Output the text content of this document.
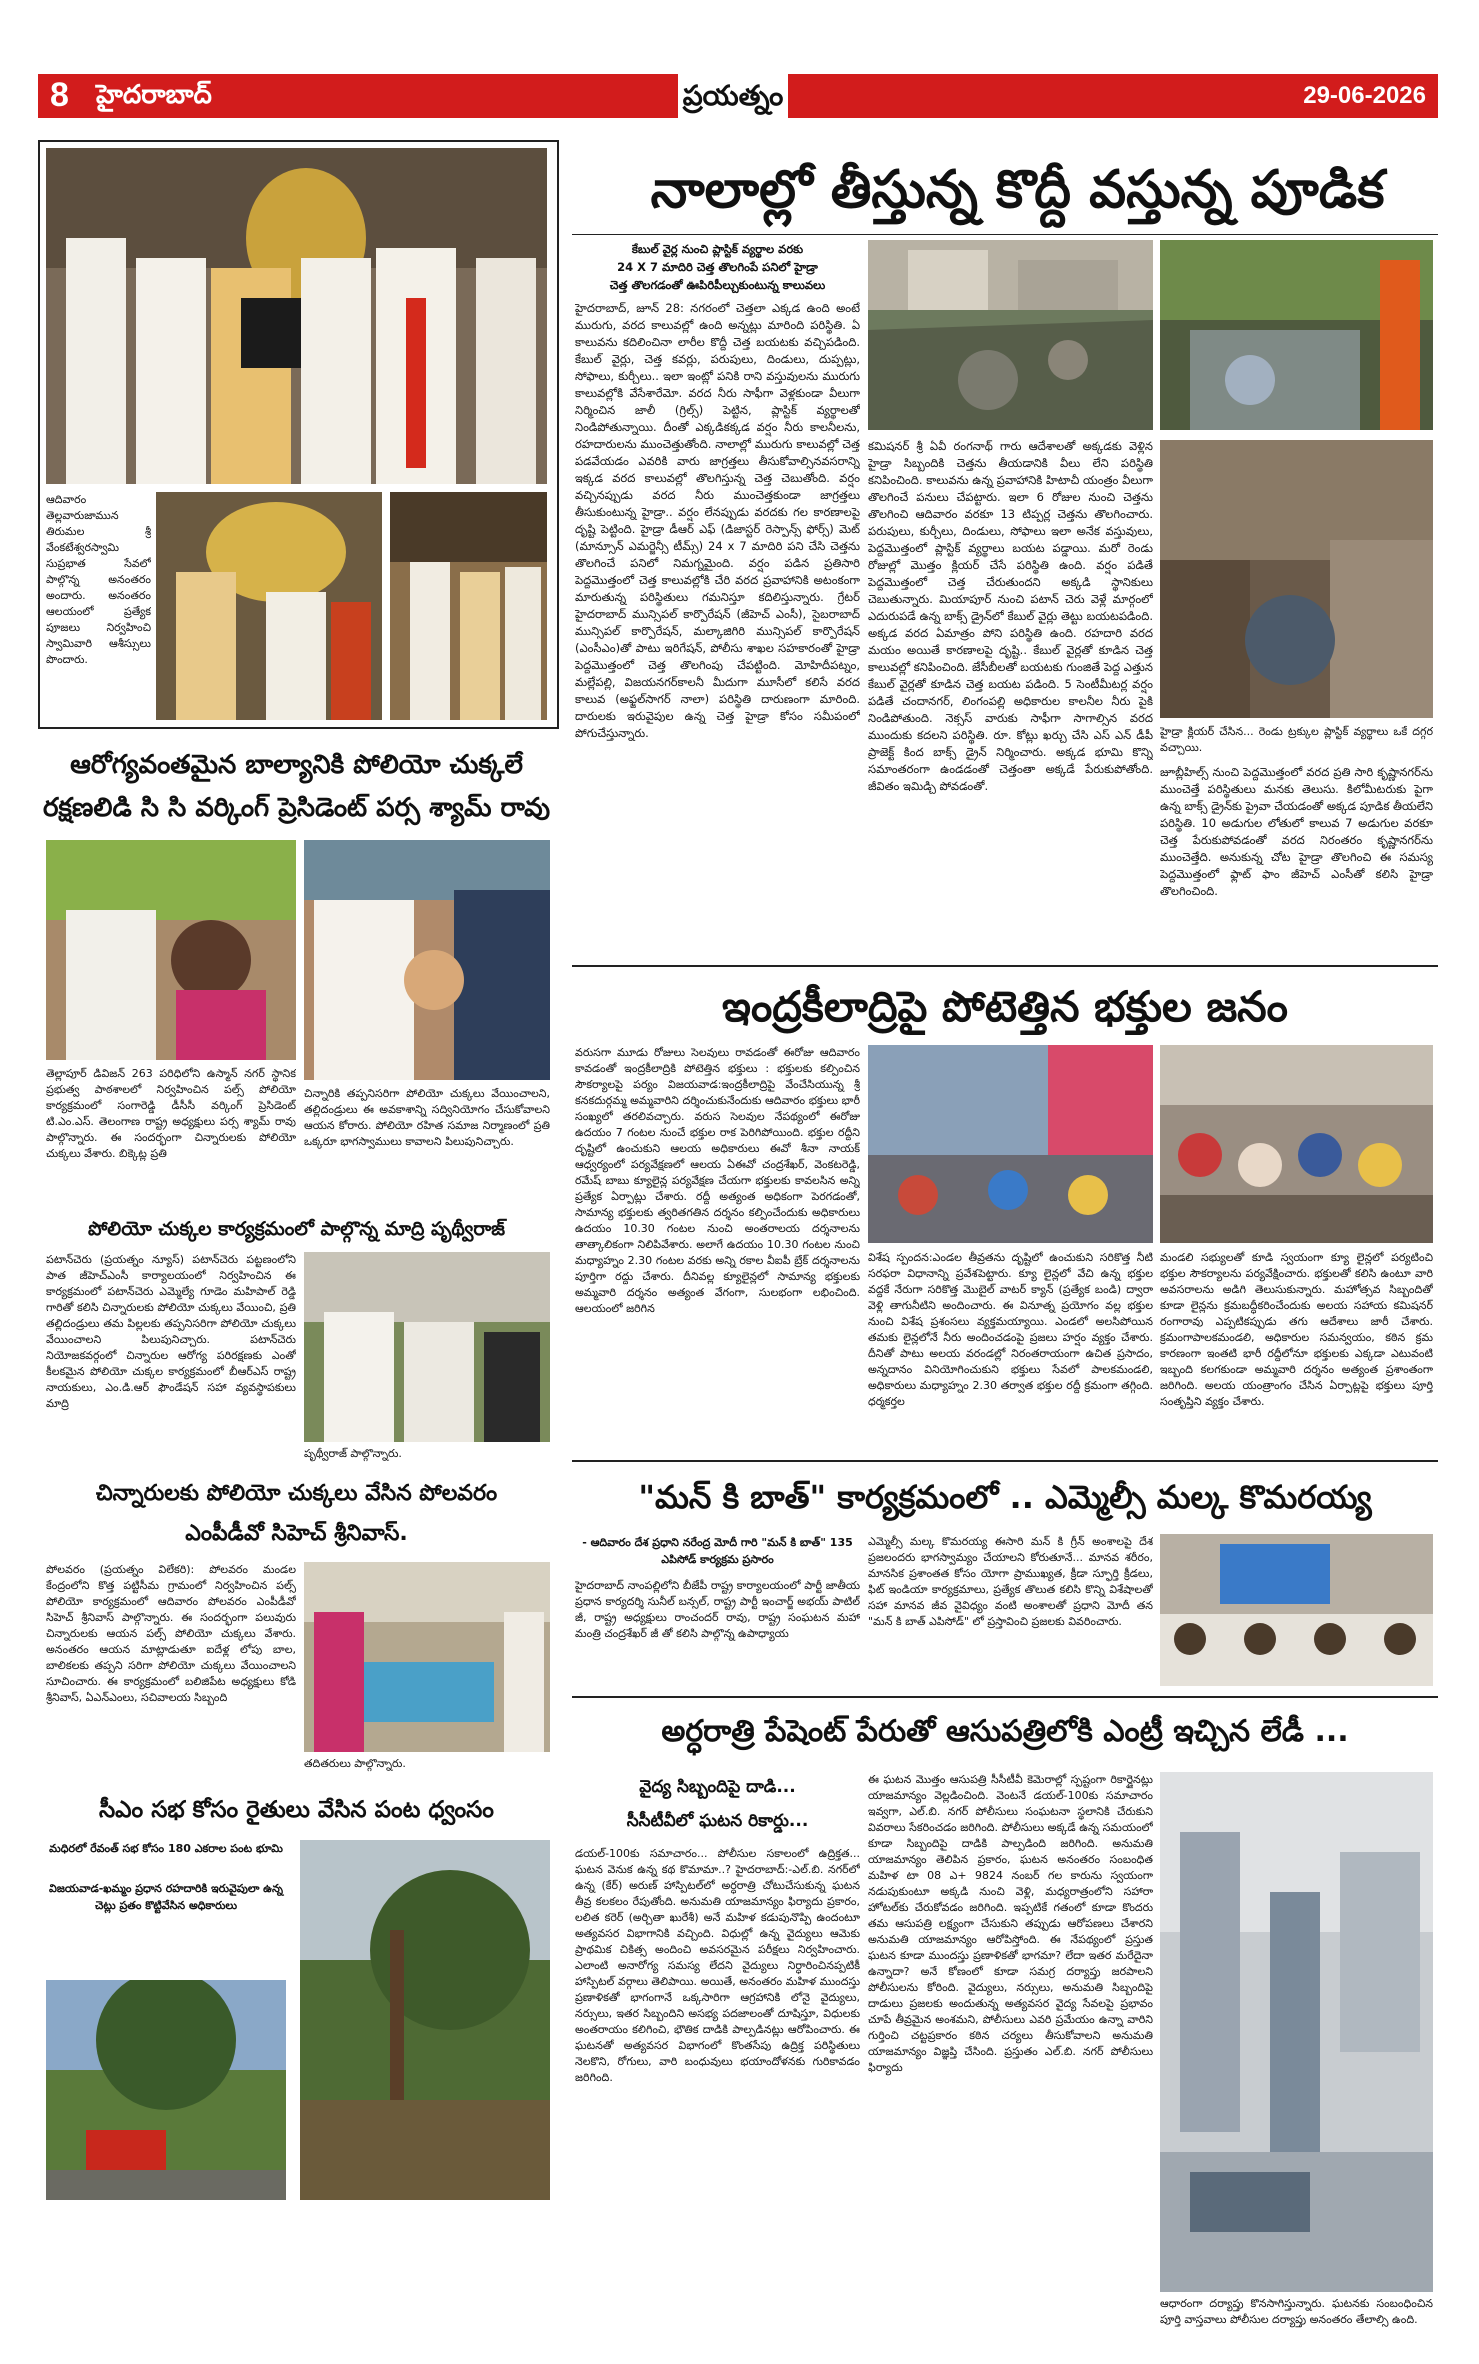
8 హైదరాబాద్	ప్రయత్నం	29-06-2026
ఆదివారం తెల్లవారుజామున తిరుమల శ్రీ వేంకటేశ్వరస్వామి సుప్రభాత సేవలో పాల్గొన్న అనంతరం అందారు. అనంతరం ఆలయంలో ప్రత్యేక పూజలు నిర్వహించి స్వామివారి ఆశీస్సులు పొందారు.
నాలాల్లో తీస్తున్న కొద్దీ వస్తున్న పూడిక
కేబుల్ వైర్ల నుంచి ప్లాస్టిక్ వ్యర్థాల వరకు
24 X 7 మాదిరి చెత్త తొలగింపే పనిలో హైడ్రా
చెత్త తొలగడంతో ఊపిరిపీల్చుకుంటున్న కాలువలు
హైదరాబాద్, జూన్ 28: నగరంలో చెత్తలా ఎక్కడ ఉంది అంటే మురుగు, వరద కాలువల్లో ఉంది అన్నట్లు మారింది పరిస్థితి. ఏ కాలువను కదిలించినా లారీల కొద్దీ చెత్త బయటకు వచ్చిపడింది. కేబుల్ వైర్లు, చెత్త కవర్లు, పరుపులు, దిండులు, దుప్పట్లు, సోఫాలు, కుర్చీలు.. ఇలా ఇంట్లో పనికి రాని వస్తువులను మురుగు కాలువల్లోకి వేసేశారేమో. వరద నీరు సాఫీగా వెళ్లకుండా వీలుగా నిర్మించిన జాలీ (గ్రిల్స్) పెట్టిన, ప్లాస్టిక్ వ్యర్థాలతో నిండిపోతున్నాయి. దీంతో ఎక్కడికక్కడ వర్షం నీరు కాలనీలను, రహదారులను ముంచెత్తుతోంది. నాలాల్లో మురుగు కాలువల్లో చెత్త పడవేయడం ఎవరికి వారు జాగ్రత్తలు తీసుకోవాల్సినవసరాన్ని ఇక్కడ వరద కాలువల్లో తొలగిస్తున్న చెత్త చెబుతోంది. వర్షం వచ్చినప్పుడు వరద నీరు ముంచెత్తకుండా జాగ్రత్తలు తీసుకుంటున్న హైడ్రా.. వర్షం లేనప్పుడు వరదకు గల కారణాలపై దృష్టి పెట్టింది. హైడ్రా డీఆర్ ఎఫ్ (డిజాస్టర్ రెస్పాన్స్ ఫోర్స్) మెట్ (మాన్సూన్ ఎమర్జెన్సీ టీమ్స్) 24 x 7 మాదిరి పని చేసి చెత్తను తొలగించే పనిలో నిమగ్నమైంది. వర్షం పడిన ప్రతిసారి పెద్దమొత్తంలో చెత్త కాలువల్లోకి చేరి వరద ప్రవాహానికి అటంకంగా మారుతున్న పరిస్థితులు గమనిస్తూ కదిలిస్తున్నారు. గ్రేటర్ హైదరాబాద్ మున్సిపల్ కార్పొరేషన్ (జీహెచ్ ఎంసీ), సైబరాబాద్ మున్సిపల్ కార్పొరేషన్, మల్కాజిగిరి మున్సిపల్ కార్పొరేషన్ (ఎంసీఎం)తో పాటు ఇరిగేషన్, పోలీసు శాఖల సహకారంతో హైడ్రా పెద్దమొత్తంలో చెత్త తొలగింపు చేపట్టింది. మోహిదీపట్నం, మల్లేపల్లి, విజయనగర్‌కాలనీ మీదుగా మూసీలో కలిసే వరద కాలువ (అఫ్జల్‌సాగర్ నాలా) పరిస్థితి దారుణంగా మారింది. దారులకు ఇరువైపుల ఉన్న చెత్త హైడ్రా కోసం సమీపంలో పోగుచేస్తున్నారు.
కమిషనర్ శ్రీ ఏవీ రంగనాథ్ గారు ఆదేశాలతో అక్కడకు వెళ్లిన హైడ్రా సిబ్బందికి చెత్తను తీయడానికి వీలు లేని పరిస్థితి కనిపించింది. కాలువను ఉన్న ప్రవాహానికి హిటాచీ యంత్రం వీలుగా తొలగించే పనులు చేపట్టారు. ఇలా 6 రోజుల నుంచి చెత్తను తొలగించి ఆదివారం వరకూ 13 టిప్పర్ల చెత్తను తొలగించారు. పరుపులు, కుర్చీలు, దిండులు, సోఫాలు ఇలా అనేక వస్తువులు, పెద్దమొత్తంలో ప్లాస్టిక్ వ్యర్థాలు బయట పడ్డాయి. మరో రెండు రోజుల్లో మొత్తం క్లియర్ చేసే పరిస్థితి ఉంది. వర్షం పడితే పెద్దమొత్తంలో చెత్త చేరుతుందని అక్కడి స్థానికులు చెబుతున్నారు. మియాపూర్ నుంచి పటాన్ చెరు వెళ్లే మార్గంలో ఎదురుపడే ఉన్న బాక్స్ డ్రైన్‌లో కేబుల్ వైర్లు తెట్టు బయటపడింది. అక్కడ వరద ఏమాత్రం పోని పరిస్థితి ఉంది. రహదారి వరద మయం అయితే కారణాలపై దృష్టి.. కేబుల్ వైర్లతో కూడిన చెత్త కాలువల్లో కనిపించింది. జేసీబీలతో బయటకు గుంజితే పెద్ద ఎత్తున కేబుల్ వైర్లతో కూడిన చెత్త బయట పడింది. 5 సెంటీమీటర్ల వర్షం పడితే చందానగర్, లింగంపల్లి అధికారుల కాలనీల నీరు పైకి నిండిపోతుంది. నెక్సస్ వారుకు సాఫీగా సాగాల్సిన వరద ముందుకు కదలని పరిస్థితి. రూ. కోట్లు ఖర్చు చేసి ఎస్ ఎన్ డీపీ ప్రాజెక్ట్ కింద బాక్స్ డ్రైన్ నిర్మించారు. అక్కడ భూమి కొన్ని సమాంతరంగా ఉండడంతో చెత్తంతా అక్కడే పేరుకుపోతోంది. జీవితం ఇమిడ్చి పోవడంతో.
హైడ్రా క్లియర్ చేసిన... రెండు ట్రక్కుల ప్లాస్టిక్ వ్యర్థాలు ఒకే దగ్గర వచ్చాయి.
జూబ్లీహిల్స్ నుంచి పెద్దమొత్తంలో వరద ప్రతి సారి కృష్ణానగర్‌ను ముంచెత్తే పరిస్థితులు మనకు తెలుసు. కిలోమీటరుకు పైగా ఉన్న బాక్స్ డ్రైన్‌కు ప్రైవా చేయడంతో అక్కడ పూడిక తీయలేని పరిస్థితి. 10 అడుగుల లోతులో కాలువ 7 అడుగుల వరకూ చెత్త పేరుకుపోవడంతో వరద నిరంతరం కృష్ణానగర్‌ను ముంచెత్తేది. అనుకున్న చోట హైడ్రా తొలగించి ఈ సమస్య పెద్దమొత్తంలో ఫ్లాట్ ఫాం జీహెచ్ ఎంసీతో కలిసి హైడ్రా తొలగించింది.
ఆరోగ్యవంతమైన బాల్యానికి పోలియో చుక్కలే
రక్షణలిడి సి సి వర్కింగ్ ప్రెసిడెంట్ పర్స శ్యామ్ రావు
తెల్లాపూర్ డివిజన్ 263 పరిధిలోని ఉస్మాన్ నగర్ స్థానిక ప్రభుత్వ పాఠశాలలో నిర్వహించిన పల్స్ పోలియో కార్యక్రమంలో సంగారెడ్డి డీసీసీ వర్కింగ్ ప్రెసిడెంట్ టి.ఎం.ఎస్. తెలంగాణ రాష్ట్ర అధ్యక్షులు పర్స శ్యామ్ రావు పాల్గొన్నారు. ఈ సందర్భంగా చిన్నారులకు పోలియో చుక్కలు వేశారు. బిక్కెట్ల ప్రతి
చిన్నారికి తప్పనిసరిగా పోలియో చుక్కలు వేయించాలని, తల్లిదండ్రులు ఈ అవకాశాన్ని సద్వినియోగం చేసుకోవాలని ఆయన కోరారు. పోలియో రహిత సమాజ నిర్మాణంలో ప్రతి ఒక్కరూ భాగస్వాములు కావాలని పిలుపునిచ్చారు.
పోలియో చుక్కల కార్యక్రమంలో పాల్గొన్న మాద్రి పృథ్వీరాజ్
పటాన్‌చెరు (ప్రయత్నం న్యూస్) పటాన్‌చెరు పట్టణంలోని పాత జీహెచ్‌ఎంసీ కార్యాలయంలో నిర్వహించిన ఈ కార్యక్రమంలో పటాన్‌చెరు ఎమ్మెల్యే గూడెం మహిపాల్ రెడ్డి గారితో కలిసి చిన్నారులకు పోలియో చుక్కలు వేయించి, ప్రతి తల్లిదండ్రులు తమ పిల్లలకు తప్పనిసరిగా పోలియో చుక్కలు వేయించాలని పిలుపునిచ్చారు. పటాన్‌చెరు నియోజకవర్గంలో చిన్నారుల ఆరోగ్య పరిరక్షణకు ఎంతో కీలకమైన పోలియో చుక్కల కార్యక్రమంలో బీఆర్‌ఎస్ రాష్ట్ర నాయకులు, ఎం.డి.ఆర్ ఫౌండేషన్ సహా వ్యవస్థాపకులు మాద్రి
పృథ్వీరాజ్ పాల్గొన్నారు.
చిన్నారులకు పోలియో చుక్కలు వేసిన పోలవరం
ఎంపీడీవో సిహెచ్ శ్రీనివాస్.
పోలవరం (ప్రయత్నం విలేకరి): పోలవరం మండల కేంద్రంలోని కొత్త పట్టిసీమ గ్రామంలో నిర్వహించిన పల్స్ పోలియో కార్యక్రమంలో ఆదివారం పోలవరం ఎంపీడీవో సిహెచ్ శ్రీనివాస్ పాల్గొన్నారు. ఈ సందర్భంగా పలువురు చిన్నారులకు ఆయన పల్స్ పోలియో చుక్కలు వేశారు. అనంతరం ఆయన మాట్లాడుతూ ఐదేళ్ల లోపు బాల, బాలికలకు తప్పని సరిగా పోలియో చుక్కలు వేయించాలని సూచించారు. ఈ కార్యక్రమంలో బలిజిపేట అధ్యక్షులు కోడి శ్రీనివాస్, ఏఎన్‌ఎంలు, సచివాలయ సిబ్బంది
తదితరులు పాల్గొన్నారు.
సీఎం సభ కోసం రైతులు వేసిన పంట ధ్వంసం
మధిరలో రేవంత్ సభ కోసం 180 ఎకరాల పంట భూమి
విజయవాడ-ఖమ్మం ప్రధాన రహదారికి ఇరువైపులా ఉన్న చెట్లు ప్రతం కొట్టివేసిన అధికారులు
ఇంద్రకీలాద్రిపై పోటెత్తిన భక్తుల జనం
వరుసగా మూడు రోజులు సెలవులు రావడంతో ఈరోజు ఆదివారం కావడంతో ఇంద్రకీలాద్రికి పోటెత్తిన భక్తులు : భక్తులకు కల్పించిన సౌకర్యాలపై పర్యం విజయవాడ:ఇంద్రకీలాద్రిపై వేంచేసియున్న శ్రీ కనకదుర్గమ్మ అమ్మవారిని దర్శించుకునేందుకు ఆదివారం భక్తులు భారీ సంఖ్యలో తరలివచ్చారు. వరుస సెలవుల నేపథ్యంలో ఈరోజు ఉదయం 7 గంటల నుంచే భక్తుల రాక పెరిగిపోయింది. భక్తుల రద్దీని దృష్టిలో ఉంచుకుని ఆలయ అధికారులు ఈవో శీనా నాయక్ ఆధ్వర్యంలో పర్యవేక్షణలో ఆలయ ఏఈవో చంద్రశేఖర్, వెంకటరెడ్డి, రమేష్ బాబు క్యూలైన్ల పర్యవేక్షణ చేయగా భక్తులకు కావలసిన అన్ని ప్రత్యేక ఏర్పాట్లు చేశారు. రద్దీ అత్యంత అధికంగా పెరగడంతో, సామాన్య భక్తులకు త్వరితగతిన దర్శనం కల్పించేందుకు అధికారులు ఉదయం 10.30 గంటల నుంచి అంతరాలయ దర్శనాలను తాత్కాలికంగా నిలిపివేశారు. అలాగే ఉదయం 10.30 గంటల నుంచి మధ్యాహ్నం 2.30 గంటల వరకు అన్ని రకాల వీఐపీ బ్రేక్ దర్శనాలను పూర్తిగా రద్దు చేశారు. దీనివల్ల క్యూలైన్లలో సామాన్య భక్తులకు అమ్మవారి దర్శనం అత్యంత వేగంగా, సులభంగా లభించింది. ఆలయంలో జరిగిన
విశేష స్పందన:ఎండల తీవ్రతను దృష్టిలో ఉంచుకుని సరికొత్త నీటి సరఫరా విధానాన్ని ప్రవేశపెట్టారు. క్యూ లైన్లలో వేచి ఉన్న భక్తుల వద్దకే నేరుగా సరికొత్త మొబైల్ వాటర్ క్యాన్ (ప్రత్యేక బండి) ద్వారా వెళ్లి తాగునీటిని అందించారు. ఈ వినూత్న ప్రయోగం వల్ల భక్తుల నుంచి విశేష ప్రశంసలు వ్యక్తమయ్యాయి. ఎండలో అలసిపోయిన తమకు లైన్లలోనే నీరు అందించడంపై ప్రజలు హర్షం వ్యక్తం చేశారు. దీనితో పాటు అలయ వరండల్లో నిరంతరాయంగా ఉచిత ప్రసాదం, అన్నదానం వినియోగించుకుని భక్తులు సేవలో పాలకమండలి, అధికారులు మధ్యాహ్నం 2.30 తర్వాత భక్తుల రద్దీ క్రమంగా తగ్గింది. ధర్మకర్తల
మండలి సభ్యులతో కూడి స్వయంగా క్యూ లైన్లలో పర్యటించి భక్తుల సౌకర్యాలను పర్యవేక్షించారు. భక్తులతో కలిసి ఉంటూ వారి అవసరాలను అడిగి తెలుసుకున్నారు. మహోత్సవ సిబ్బందితో కూడా లైన్లను క్రమబద్ధీకరించేందుకు అలయ సహాయ కమిషనర్ రంగారావు ఎప్పటికప్పుడు తగు ఆదేశాలు జారీ చేశారు. క్రమంగాపాలకమండలి, అధికారుల సమన్వయం, కఠిన క్రమ కారణంగా ఇంతటి భారీ రద్దీలోనూ భక్తులకు ఎక్కడా ఎటువంటి ఇబ్బంది కలగకుండా అమ్మవారి దర్శనం అత్యంత ప్రశాంతంగా జరిగింది. అలయ యంత్రాంగం చేసిన ఏర్పాట్లపై భక్తులు పూర్తి సంతృప్తిని వ్యక్తం చేశారు.
"మన్ కి బాత్" కార్యక్రమంలో .. ఎమ్మెల్సీ మల్క కొమరయ్య
- ఆదివారం దేశ ప్రధాని నరేంద్ర మోదీ గారి "మన్ కి బాత్" 135 ఎపిసోడ్ కార్యక్రమ ప్రసారం
హైదరాబాద్ నాంపల్లిలోని బీజేపీ రాష్ట్ర కార్యాలయంలో పార్టీ జాతీయ ప్రధాన కార్యదర్శి సునీల్ బన్సల్, రాష్ట్ర పార్టీ ఇంచార్జ్ అభయ్ పాటిల్ జీ, రాష్ట్ర అధ్యక్షులు రాంచందర్ రావు, రాష్ట్ర సంఘటన మహా మంత్రి చంద్రశేఖర్ జీ తో కలిసి పాల్గొన్న ఉపాధ్యాయ
ఎమ్మెల్సీ మల్క కొమరయ్య ఈసారి మన్ కి గ్రీన్ అంశాలపై దేశ ప్రజలందరు భాగస్వామ్యం చేయాలని కోరుతూనే... మానవ శరీరం, మానసిక ప్రశాంతత కోసం యోగా ప్రాముఖ్యత, క్రీడా స్ఫూర్తి క్రీడలు, ఫిట్ ఇండియా కార్యక్రమాలు, ప్రత్యేక తొలుత కలిసి కొన్ని విశేషాలతో సహా మానవ జీవ వైవిధ్యం వంటి అంశాలతో ప్రధాని మోదీ తన "మన్ కి బాత్ ఎపిసోడ్" లో ప్రస్తావించి ప్రజలకు వివరించారు.
అర్ధరాత్రి పేషెంట్ పేరుతో ఆసుపత్రిలోకి ఎంట్రీ ఇచ్చిన లేడీ ...
వైద్య సిబ్బందిపై దాడి...
సీసీటీవీలో ఘటన రికార్డు...
డయల్-100కు సమాచారం... పోలీసుల సకాలంలో ఉద్రిక్తత... ఘటన వెనుక ఉన్న కథ కొమామా..? హైదరాబాద్:-ఎల్.బి. నగర్‌లో ఉన్న (కేర్) అరుణ్ హాస్పిటల్‌లో అర్ధరాత్రి చోటుచేసుకున్న ఘటన తీవ్ర కలకలం రేపుతోంది. అనుమతి యాజమాన్యం ఫిర్యాదు ప్రకారం, లలిత కరెర్ (అర్చితా ఖురేశీ) అనే మహిళ కడుపునొప్పి ఉందంటూ అత్యవసర విభాగానికి వచ్చింది. విధుల్లో ఉన్న వైద్యులు ఆమెకు ప్రాథమిక చికిత్స అందించి అవసరమైన పరీక్షలు నిర్వహించారు. ఎలాంటి అనారోగ్య సమస్య లేదని వైద్యులు నిర్ధారించినప్పటికీ హాస్పిటల్ వర్గాలు తెలిపాయి. అయితే, అనంతరం మహిళ ముందస్తు ప్రణాళికతో భాగంగానే ఒక్కసారిగా ఆగ్రహానికి లోనై వైద్యులు, నర్సులు, ఇతర సిబ్బందిని అసభ్య పదజాలంతో దూషిస్తూ, విధులకు అంతరాయం కలిగించి, భౌతిక దాడికి పాల్పడినట్లు ఆరోపించారు. ఈ ఘటనతో అత్యవసర విభాగంలో కొంతసేపు ఉద్రిక్త పరిస్థితులు నెలకొని, రోగులు, వారి బంధువులు భయాందోళనకు గురికావడం జరిగింది.
ఈ ఘటన మొత్తం ఆసుపత్రి సీసీటీవీ కెమెరాల్లో స్పష్టంగా రికార్డైనట్లు యాజమాన్యం వెల్లడించింది. వెంటనే డయల్-100కు సమాచారం ఇవ్వగా, ఎల్.బి. నగర్ పోలీసులు సంఘటనా స్థలానికి చేరుకుని వివరాలు సేకరించడం జరిగింది. పోలీసులు అక్కడే ఉన్న సమయంలో కూడా సిబ్బందిపై దాడికి పాల్పడింది జరిగింది. అనుమతి యాజమాన్యం తెలిపిన ప్రకారం, ఘటన అనంతరం సంబంధిత మహిళ టా 08 ఎ+ 9824 నంబర్ గల కారును స్వయంగా నడుపుకుంటూ అక్కడి నుంచి వెళ్లి, మధ్యరాత్రంలోని సహారా హోటల్‌కు చేరుకోవడం జరిగింది. ఇప్పటికే గతంలో కూడా కొందరు తమ ఆసుపత్రి లక్ష్యంగా చేసుకుని తప్పుడు ఆరోపణలు చేశారని అనుమతి యాజమాన్యం ఆరోపిస్తోంది. ఈ నేపథ్యంలో ప్రస్తుత ఘటన కూడా ముందస్తు ప్రణాళికతో భాగమా? లేదా ఇతర మరేదైనా ఉన్నాదా? అనే కోణంలో కూడా సమగ్ర దర్యాప్తు జరపాలని పోలీసులను కోరింది. వైద్యులు, నర్సులు, అనుమతి సిబ్బందిపై దాడులు ప్రజలకు అందుతున్న అత్యవసర వైద్య సేవలపై ప్రభావం చూపే తీవ్రమైన అంశమని, పోలీసులు ఎవరి ప్రమేయం ఉన్నా వారిని గుర్తించి చట్టప్రకారం కఠిన చర్యలు తీసుకోవాలని అనుమతి యాజమాన్యం విజ్ఞప్తి చేసింది. ప్రస్తుతం ఎల్.బి. నగర్ పోలీసులు ఫిర్యాదు
ఆధారంగా దర్యాప్తు కొనసాగిస్తున్నారు. ఘటనకు సంబంధించిన పూర్తి వాస్తవాలు పోలీసుల దర్యాప్తు అనంతరం తేలాల్సి ఉంది.
